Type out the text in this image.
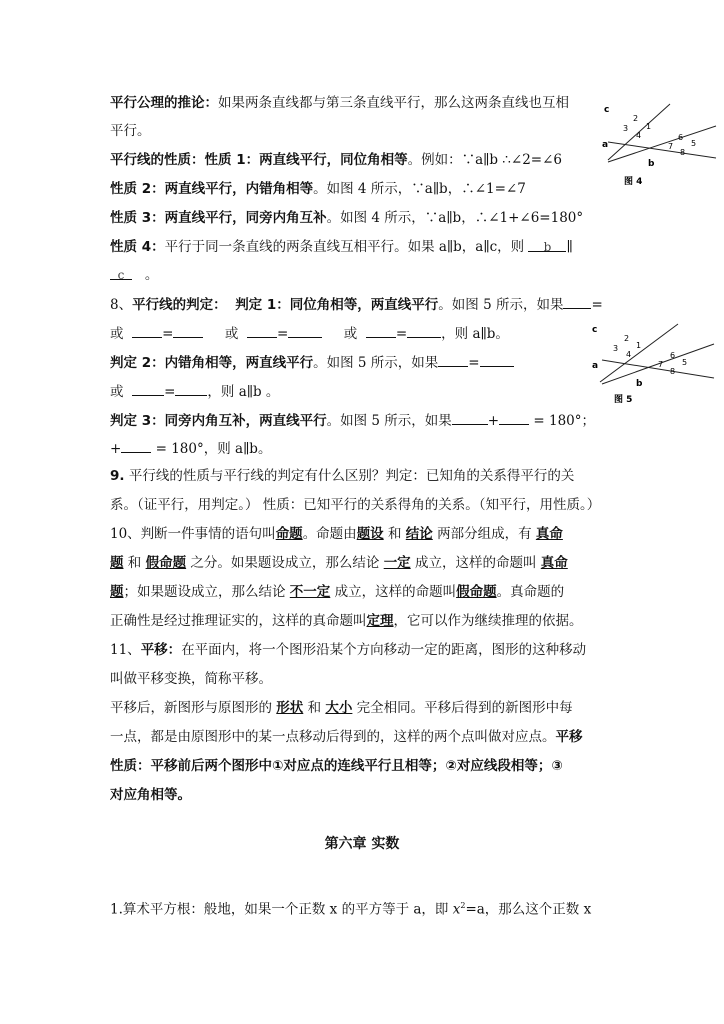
平行公理的推论：如果两条直线都与第三条直线平行，那么这两条直线也互相
平行。
平行线的性质：性质 1：两直线平行，同位角相等。例如：∵a∥b ∴∠2=∠6
性质 2：两直线平行，内错角相等。如图 4 所示，∵a∥b，∴∠1=∠7
性质 3：两直线平行，同旁内角互补。如图 4 所示，∵a∥b，∴∠1+∠6=180°
性质 4：平行于同一条直线的两条直线互相平行。如果 a∥b，a∥c，则 b ∥
c 。
8、平行线的判定： 判定 1：同位角相等，两直线平行。如图 5 所示，如果 =
或	=	或	=	或	=	，则 a∥b。
判定 2：内错角相等，两直线平行。如图 5 所示，如果 =
或	= ，则 a∥b 。
判定 3：同旁内角互补，两直线平行。如图 5 所示，如果	+	= 180°；
+	= 180°，则 a∥b。
9. 平行线的性质与平行线的判定有什么区别？判定：已知角的关系得平行的关
系。（证平行，用判定。） 性质：已知平行的关系得角的关系。（知平行，用性质。）
10、判断一件事情的语句叫命题。命题由题设 和 结论 两部分组成，有 真命
题 和 假命题 之分。如果题设成立，那么结论 一定 成立，这样的命题叫 真命
题；如果题设成立，那么结论 不一定 成立，这样的命题叫假命题。真命题的
正确性是经过推理证实的，这样的真命题叫定理，它可以作为继续推理的依据。
11、平移：在平面内，将一个图形沿某个方向移动一定的距离，图形的这种移动
叫做平移变换，简称平移。
平移后，新图形与原图形的 形状 和 大小 完全相同。平移后得到的新图形中每
一点，都是由原图形中的某一点移动后得到的，这样的两个点叫做对应点。平移
性质：平移前后两个图形中①对应点的连线平行且相等；②对应线段相等；③
对应角相等。
第六章 实数
1.算术平方根：般地，如果一个正数 x 的平方等于 a，即 $x^2=a$，那么这个正数 x
c
a
b
2
1
3
4	6
5
7
8
图 4
c
a
b
2
1
3
4	6
5
7
8
图 5
